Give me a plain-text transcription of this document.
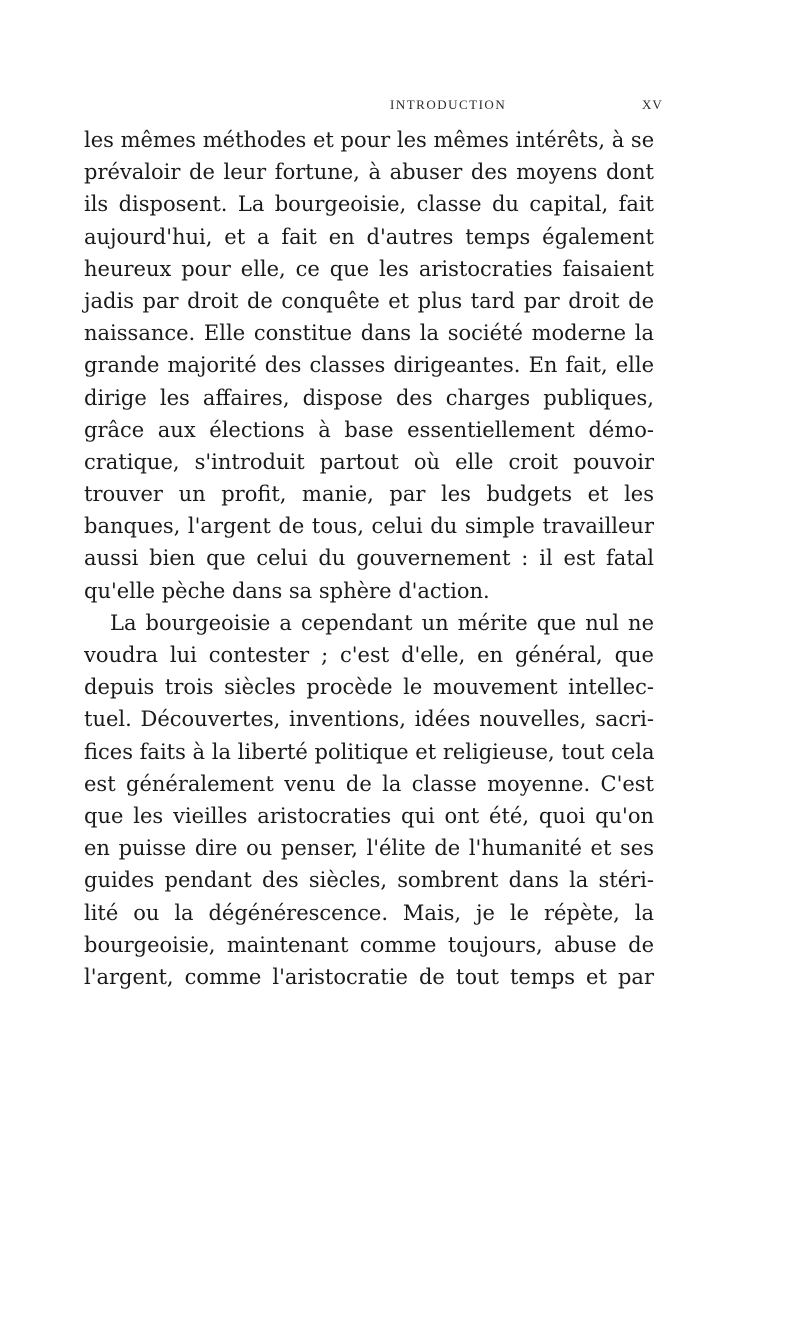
INTRODUCTION	XV
les mêmes méthodes et pour les mêmes intérêts, à se
prévaloir de leur fortune, à abuser des moyens dont
ils disposent. La bourgeoisie, classe du capital, fait
aujourd'hui, et a fait en d'autres temps également
heureux pour elle, ce que les aristocraties faisaient
jadis par droit de conquête et plus tard par droit de
naissance. Elle constitue dans la société moderne la
grande majorité des classes dirigeantes. En fait, elle
dirige les affaires, dispose des charges publiques,
grâce aux élections à base essentiellement démo-
cratique, s'introduit partout où elle croit pouvoir
trouver un profit, manie, par les budgets et les
banques, l'argent de tous, celui du simple travailleur
aussi bien que celui du gouvernement : il est fatal
qu'elle pèche dans sa sphère d'action.
La bourgeoisie a cependant un mérite que nul ne
voudra lui contester ; c'est d'elle, en général, que
depuis trois siècles procède le mouvement intellec-
tuel. Découvertes, inventions, idées nouvelles, sacri-
fices faits à la liberté politique et religieuse, tout cela
est généralement venu de la classe moyenne. C'est
que les vieilles aristocraties qui ont été, quoi qu'on
en puisse dire ou penser, l'élite de l'humanité et ses
guides pendant des siècles, sombrent dans la stéri-
lité ou la dégénérescence. Mais, je le répète, la
bourgeoisie, maintenant comme toujours, abuse de
l'argent, comme l'aristocratie de tout temps et par
